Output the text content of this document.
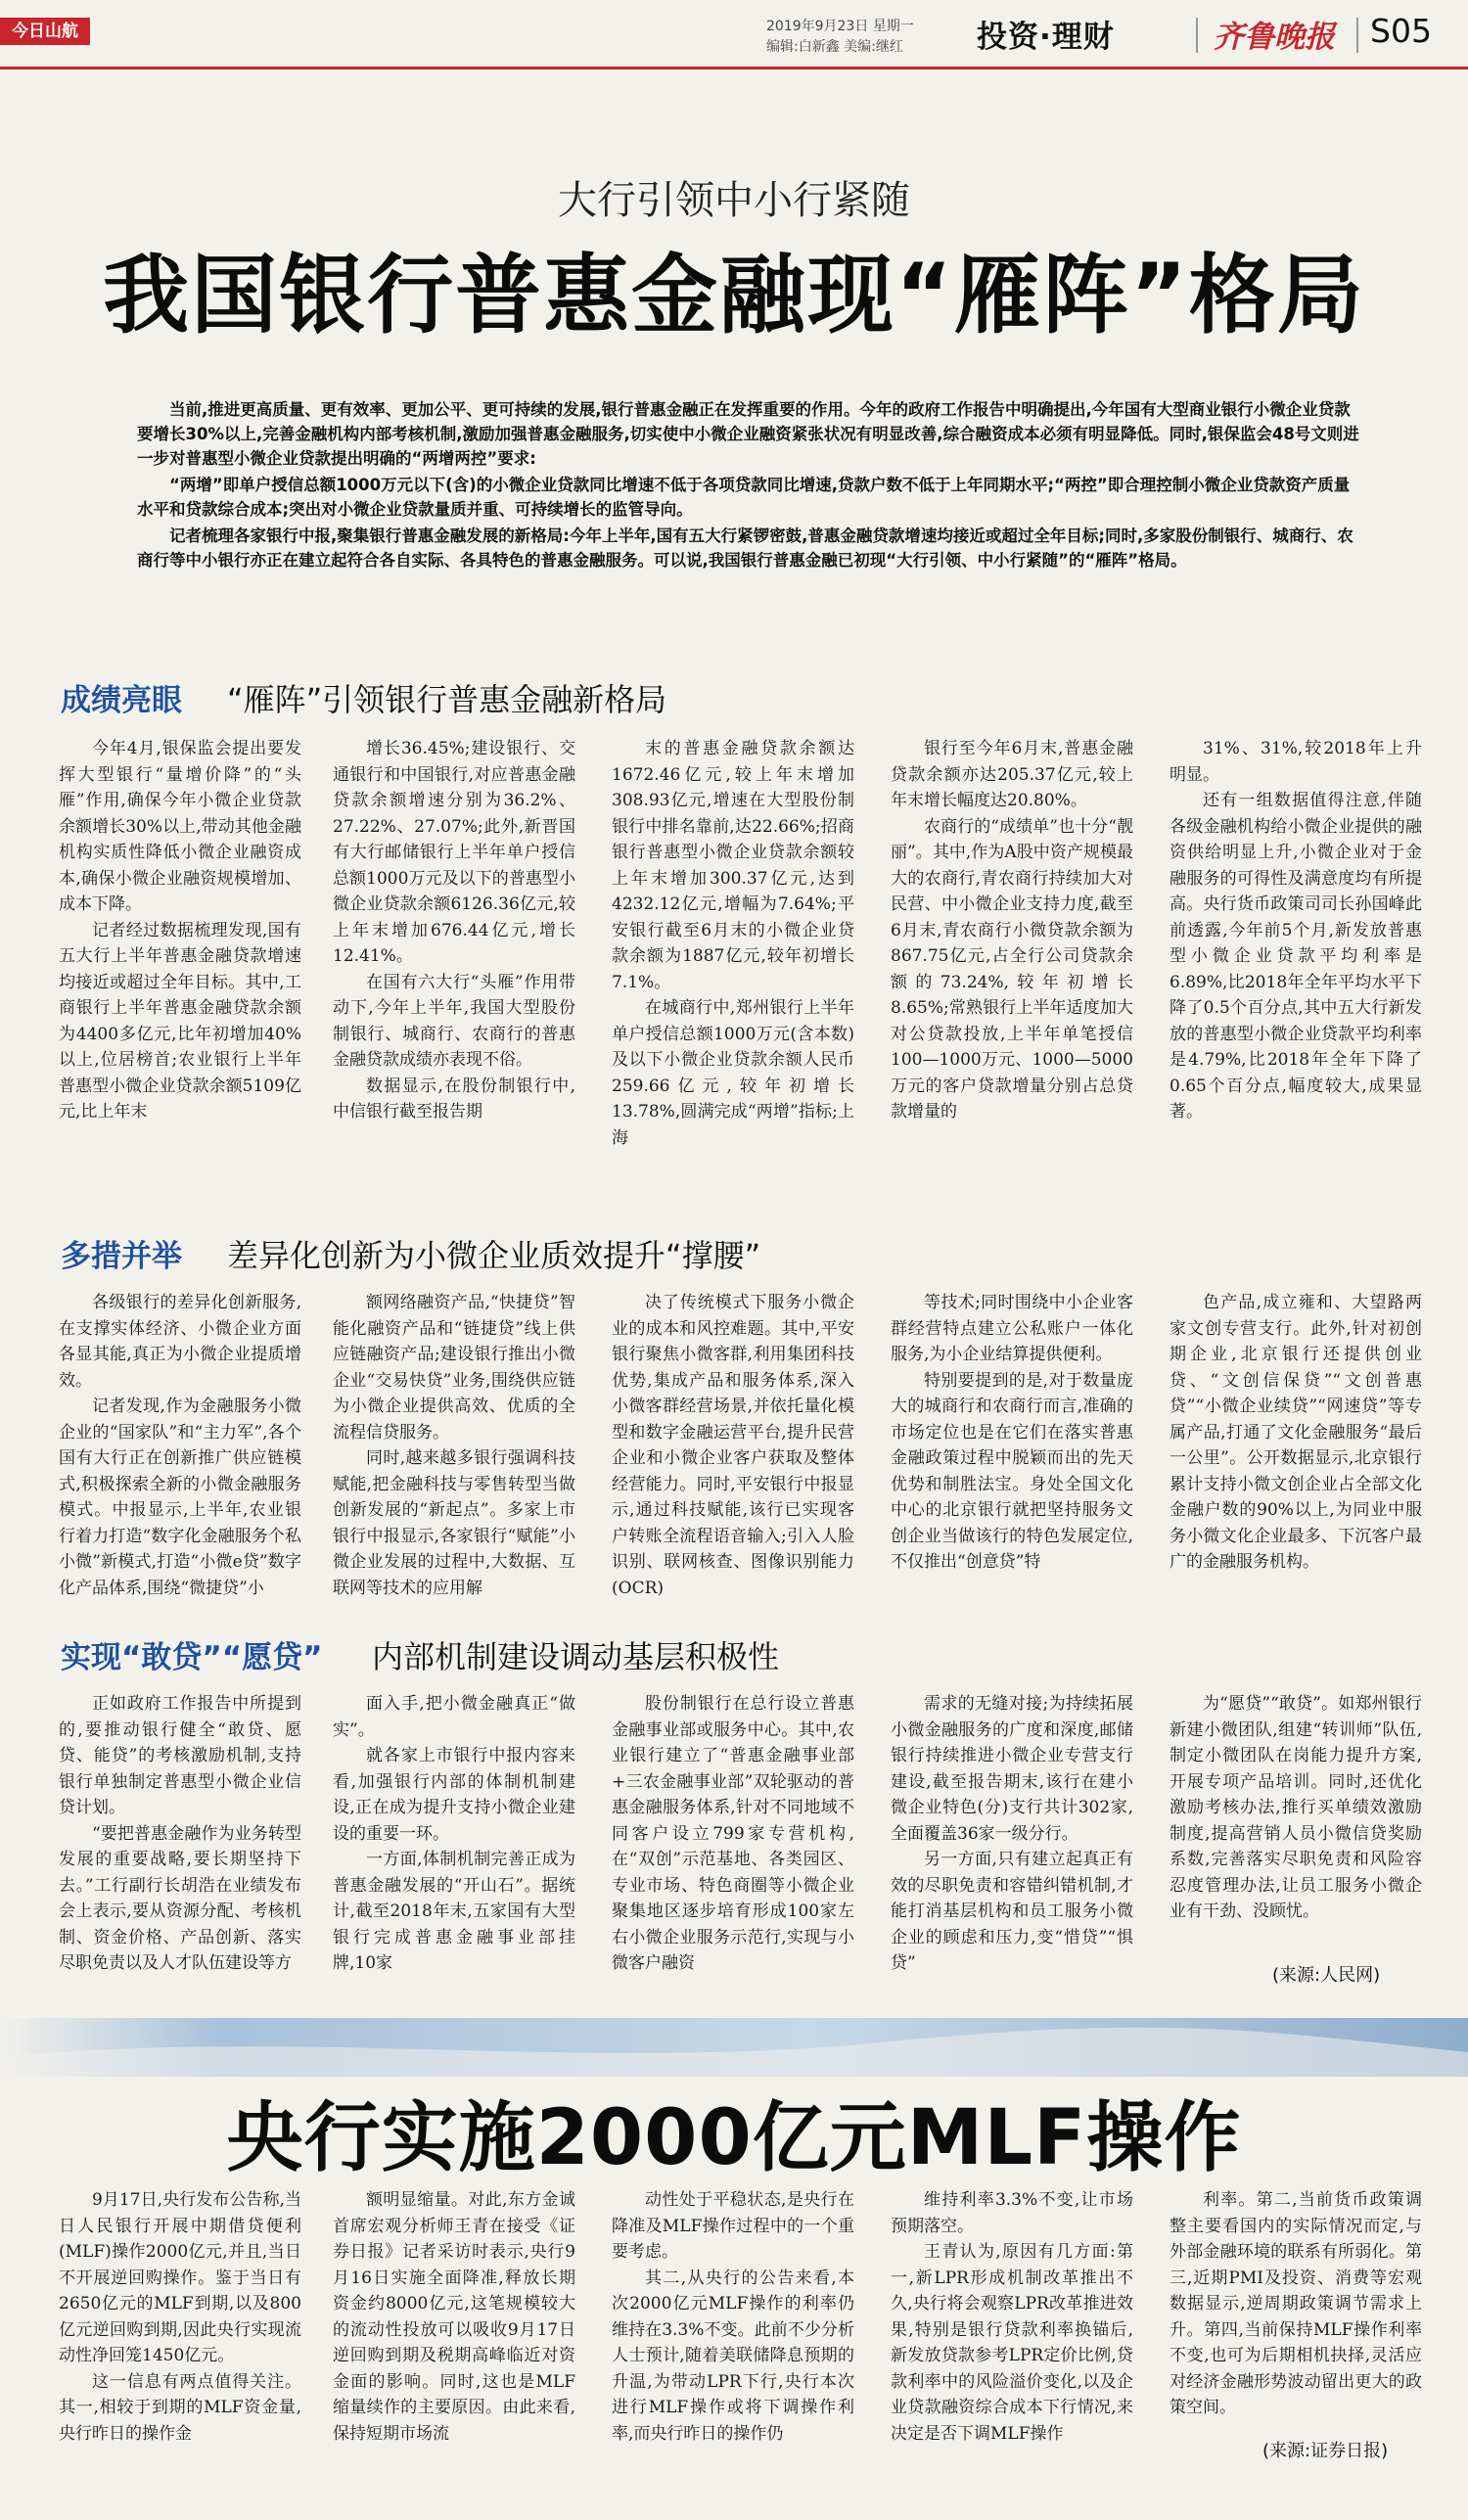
今日山航	2019年9月23日 星期一
编辑:白新鑫 美编:继红 投资·理财	齐鲁晚报 S05
大行引领中小行紧随
我国银行普惠金融现“雁阵”格局

当前,推进更高质量、更有效率、更加公平、更可持续的发展,银行普惠金融正在发挥重要的作用。今年的政府工作报告中明确提出,今年国有大型商业银行小微企业贷款要增长30%以上,完善金融机构内部考核机制,激励加强普惠金融服务,切实使中小微企业融资紧张状况有明显改善,综合融资成本必须有明显降低。同时,银保监会48号文则进一步对普惠型小微企业贷款提出明确的“两增两控”要求:

“两增”即单户授信总额1000万元以下(含)的小微企业贷款同比增速不低于各项贷款同比增速,贷款户数不低于上年同期水平;“两控”即合理控制小微企业贷款资产质量水平和贷款综合成本;突出对小微企业贷款量质并重、可持续增长的监管导向。

记者梳理各家银行中报,聚集银行普惠金融发展的新格局:今年上半年,国有五大行紧锣密鼓,普惠金融贷款增速均接近或超过全年目标;同时,多家股份制银行、城商行、农商行等中小银行亦正在建立起符合各自实际、各具特色的普惠金融服务。可以说,我国银行普惠金融已初现“大行引领、中小行紧随”的“雁阵”格局。

成绩亮眼 “雁阵”引领银行普惠金融新格局

今年4月,银保监会提出要发挥大型银行“量增价降”的“头雁”作用,确保今年小微企业贷款余额增长30%以上,带动其他金融机构实质性降低小微企业融资成本,确保小微企业融资规模增加、成本下降。

记者经过数据梳理发现,国有五大行上半年普惠金融贷款增速均接近或超过全年目标。其中,工商银行上半年普惠金融贷款余额为4400多亿元,比年初增加40%以上,位居榜首;农业银行上半年普惠型小微企业贷款余额5109亿元,比上年末

增长36.45%;建设银行、交通银行和中国银行,对应普惠金融贷款余额增速分别为36.2%、27.22%、27.07%;此外,新晋国有大行邮储银行上半年单户授信总额1000万元及以下的普惠型小微企业贷款余额6126.36亿元,较上年末增加676.44亿元,增长12.41%。

在国有六大行“头雁”作用带动下,今年上半年,我国大型股份制银行、城商行、农商行的普惠金融贷款成绩亦表现不俗。

数据显示,在股份制银行中,中信银行截至报告期

末的普惠金融贷款余额达1672.46亿元,较上年末增加308.93亿元,增速在大型股份制银行中排名靠前,达22.66%;招商银行普惠型小微企业贷款余额较上年末增加300.37亿元,达到4232.12亿元,增幅为7.64%;平安银行截至6月末的小微企业贷款余额为1887亿元,较年初增长7.1%。

在城商行中,郑州银行上半年单户授信总额1000万元(含本数)及以下小微企业贷款余额人民币259.66亿元,较年初增长13.78%,圆满完成“两增”指标;上海

银行至今年6月末,普惠金融贷款余额亦达205.37亿元,较上年末增长幅度达20.80%。

农商行的“成绩单”也十分“靓丽”。其中,作为A股中资产规模最大的农商行,青农商行持续加大对民营、中小微企业支持力度,截至6月末,青农商行小微贷款余额为867.75亿元,占全行公司贷款余额的73.24%,较年初增长8.65%;常熟银行上半年适度加大对公贷款投放,上半年单笔授信100—1000万元、1000—5000万元的客户贷款增量分别占总贷款增量的

31%、31%,较2018年上升明显。

还有一组数据值得注意,伴随各级金融机构给小微企业提供的融资供给明显上升,小微企业对于金融服务的可得性及满意度均有所提高。央行货币政策司司长孙国峰此前透露,今年前5个月,新发放普惠型小微企业贷款平均利率是6.89%,比2018年全年平均水平下降了0.5个百分点,其中五大行新发放的普惠型小微企业贷款平均利率是4.79%,比2018年全年下降了0.65个百分点,幅度较大,成果显著。

多措并举 差异化创新为小微企业质效提升“撑腰”

各级银行的差异化创新服务,在支撑实体经济、小微企业方面各显其能,真正为小微企业提质增效。

记者发现,作为金融服务小微企业的“国家队”和“主力军”,各个国有大行正在创新推广供应链模式,积极探索全新的小微金融服务模式。中报显示,上半年,农业银行着力打造“数字化金融服务个私小微”新模式,打造“小微e贷”数字化产品体系,围绕“微捷贷”小

额网络融资产品,“快捷贷”智能化融资产品和“链捷贷”线上供应链融资产品;建设银行推出小微企业“交易快贷”业务,围绕供应链为小微企业提供高效、优质的全流程信贷服务。

同时,越来越多银行强调科技赋能,把金融科技与零售转型当做创新发展的“新起点”。多家上市银行中报显示,各家银行“赋能”小微企业发展的过程中,大数据、互联网等技术的应用解

决了传统模式下服务小微企业的成本和风控难题。其中,平安银行聚焦小微客群,利用集团科技优势,集成产品和服务体系,深入小微客群经营场景,并依托量化模型和数字金融运营平台,提升民营企业和小微企业客户获取及整体经营能力。同时,平安银行中报显示,通过科技赋能,该行已实现客户转账全流程语音输入;引入人脸识别、联网核查、图像识别能力(OCR)

等技术;同时围绕中小企业客群经营特点建立公私账户一体化服务,为小企业结算提供便利。

特别要提到的是,对于数量庞大的城商行和农商行而言,准确的市场定位也是在它们在落实普惠金融政策过程中脱颖而出的先天优势和制胜法宝。身处全国文化中心的北京银行就把坚持服务文创企业当做该行的特色发展定位,不仅推出“创意贷”特

色产品,成立雍和、大望路两家文创专营支行。此外,针对初创期企业,北京银行还提供创业贷、“文创信保贷”“文创普惠贷”“小微企业续贷”“网速贷”等专属产品,打通了文化金融服务“最后一公里”。公开数据显示,北京银行累计支持小微文创企业占全部文化金融户数的90%以上,为同业中服务小微文化企业最多、下沉客户最广的金融服务机构。

实现“敢贷”“愿贷” 内部机制建设调动基层积极性

正如政府工作报告中所提到的,要推动银行健全“敢贷、愿贷、能贷”的考核激励机制,支持银行单独制定普惠型小微企业信贷计划。

“要把普惠金融作为业务转型发展的重要战略,要长期坚持下去。”工行副行长胡浩在业绩发布会上表示,要从资源分配、考核机制、资金价格、产品创新、落实尽职免责以及人才队伍建设等方

面入手,把小微金融真正“做实”。

就各家上市银行中报内容来看,加强银行内部的体制机制建设,正在成为提升支持小微企业建设的重要一环。

一方面,体制机制完善正成为普惠金融发展的“开山石”。据统计,截至2018年末,五家国有大型银行完成普惠金融事业部挂牌,10家

股份制银行在总行设立普惠金融事业部或服务中心。其中,农业银行建立了“普惠金融事业部+三农金融事业部”双轮驱动的普惠金融服务体系,针对不同地域不同客户设立799家专营机构,在“双创”示范基地、各类园区、专业市场、特色商圈等小微企业聚集地区逐步培育形成100家左右小微企业服务示范行,实现与小微客户融资

需求的无缝对接;为持续拓展小微金融服务的广度和深度,邮储银行持续推进小微企业专营支行建设,截至报告期末,该行在建小微企业特色(分)支行共计302家,全面覆盖36家一级分行。

另一方面,只有建立起真正有效的尽职免责和容错纠错机制,才能打消基层机构和员工服务小微企业的顾虑和压力,变“惜贷”“惧贷”

为“愿贷”“敢贷”。如郑州银行新建小微团队,组建“转训师”队伍,制定小微团队在岗能力提升方案,开展专项产品培训。同时,还优化激励考核办法,推行买单绩效激励制度,提高营销人员小微信贷奖励系数,完善落实尽职免责和风险容忍度管理办法,让员工服务小微企业有干劲、没顾忧。

(来源:人民网)
央行实施2000亿元MLF操作

9月17日,央行发布公告称,当日人民银行开展中期借贷便利(MLF)操作2000亿元,并且,当日不开展逆回购操作。鉴于当日有2650亿元的MLF到期,以及800亿元逆回购到期,因此央行实现流动性净回笼1450亿元。

这一信息有两点值得关注。其一,相较于到期的MLF资金量,央行昨日的操作金

额明显缩量。对此,东方金诚首席宏观分析师王青在接受《证券日报》记者采访时表示,央行9月16日实施全面降准,释放长期资金约8000亿元,这笔规模较大的流动性投放可以吸收9月17日逆回购到期及税期高峰临近对资金面的影响。同时,这也是MLF缩量续作的主要原因。由此来看,保持短期市场流

动性处于平稳状态,是央行在降准及MLF操作过程中的一个重要考虑。

其二,从央行的公告来看,本次2000亿元MLF操作的利率仍维持在3.3%不变。此前不少分析人士预计,随着美联储降息预期的升温,为带动LPR下行,央行本次进行MLF操作或将下调操作利率,而央行昨日的操作仍

维持利率3.3%不变,让市场预期落空。

王青认为,原因有几方面:第一,新LPR形成机制改革推出不久,央行将会观察LPR改革推进效果,特别是银行贷款利率换锚后,新发放贷款参考LPR定价比例,贷款利率中的风险溢价变化,以及企业贷款融资综合成本下行情况,来决定是否下调MLF操作

利率。第二,当前货币政策调整主要看国内的实际情况而定,与外部金融环境的联系有所弱化。第三,近期PMI及投资、消费等宏观数据显示,逆周期政策调节需求上升。第四,当前保持MLF操作利率不变,也可为后期相机抉择,灵活应对经济金融形势波动留出更大的政策空间。

(来源:证券日报)
